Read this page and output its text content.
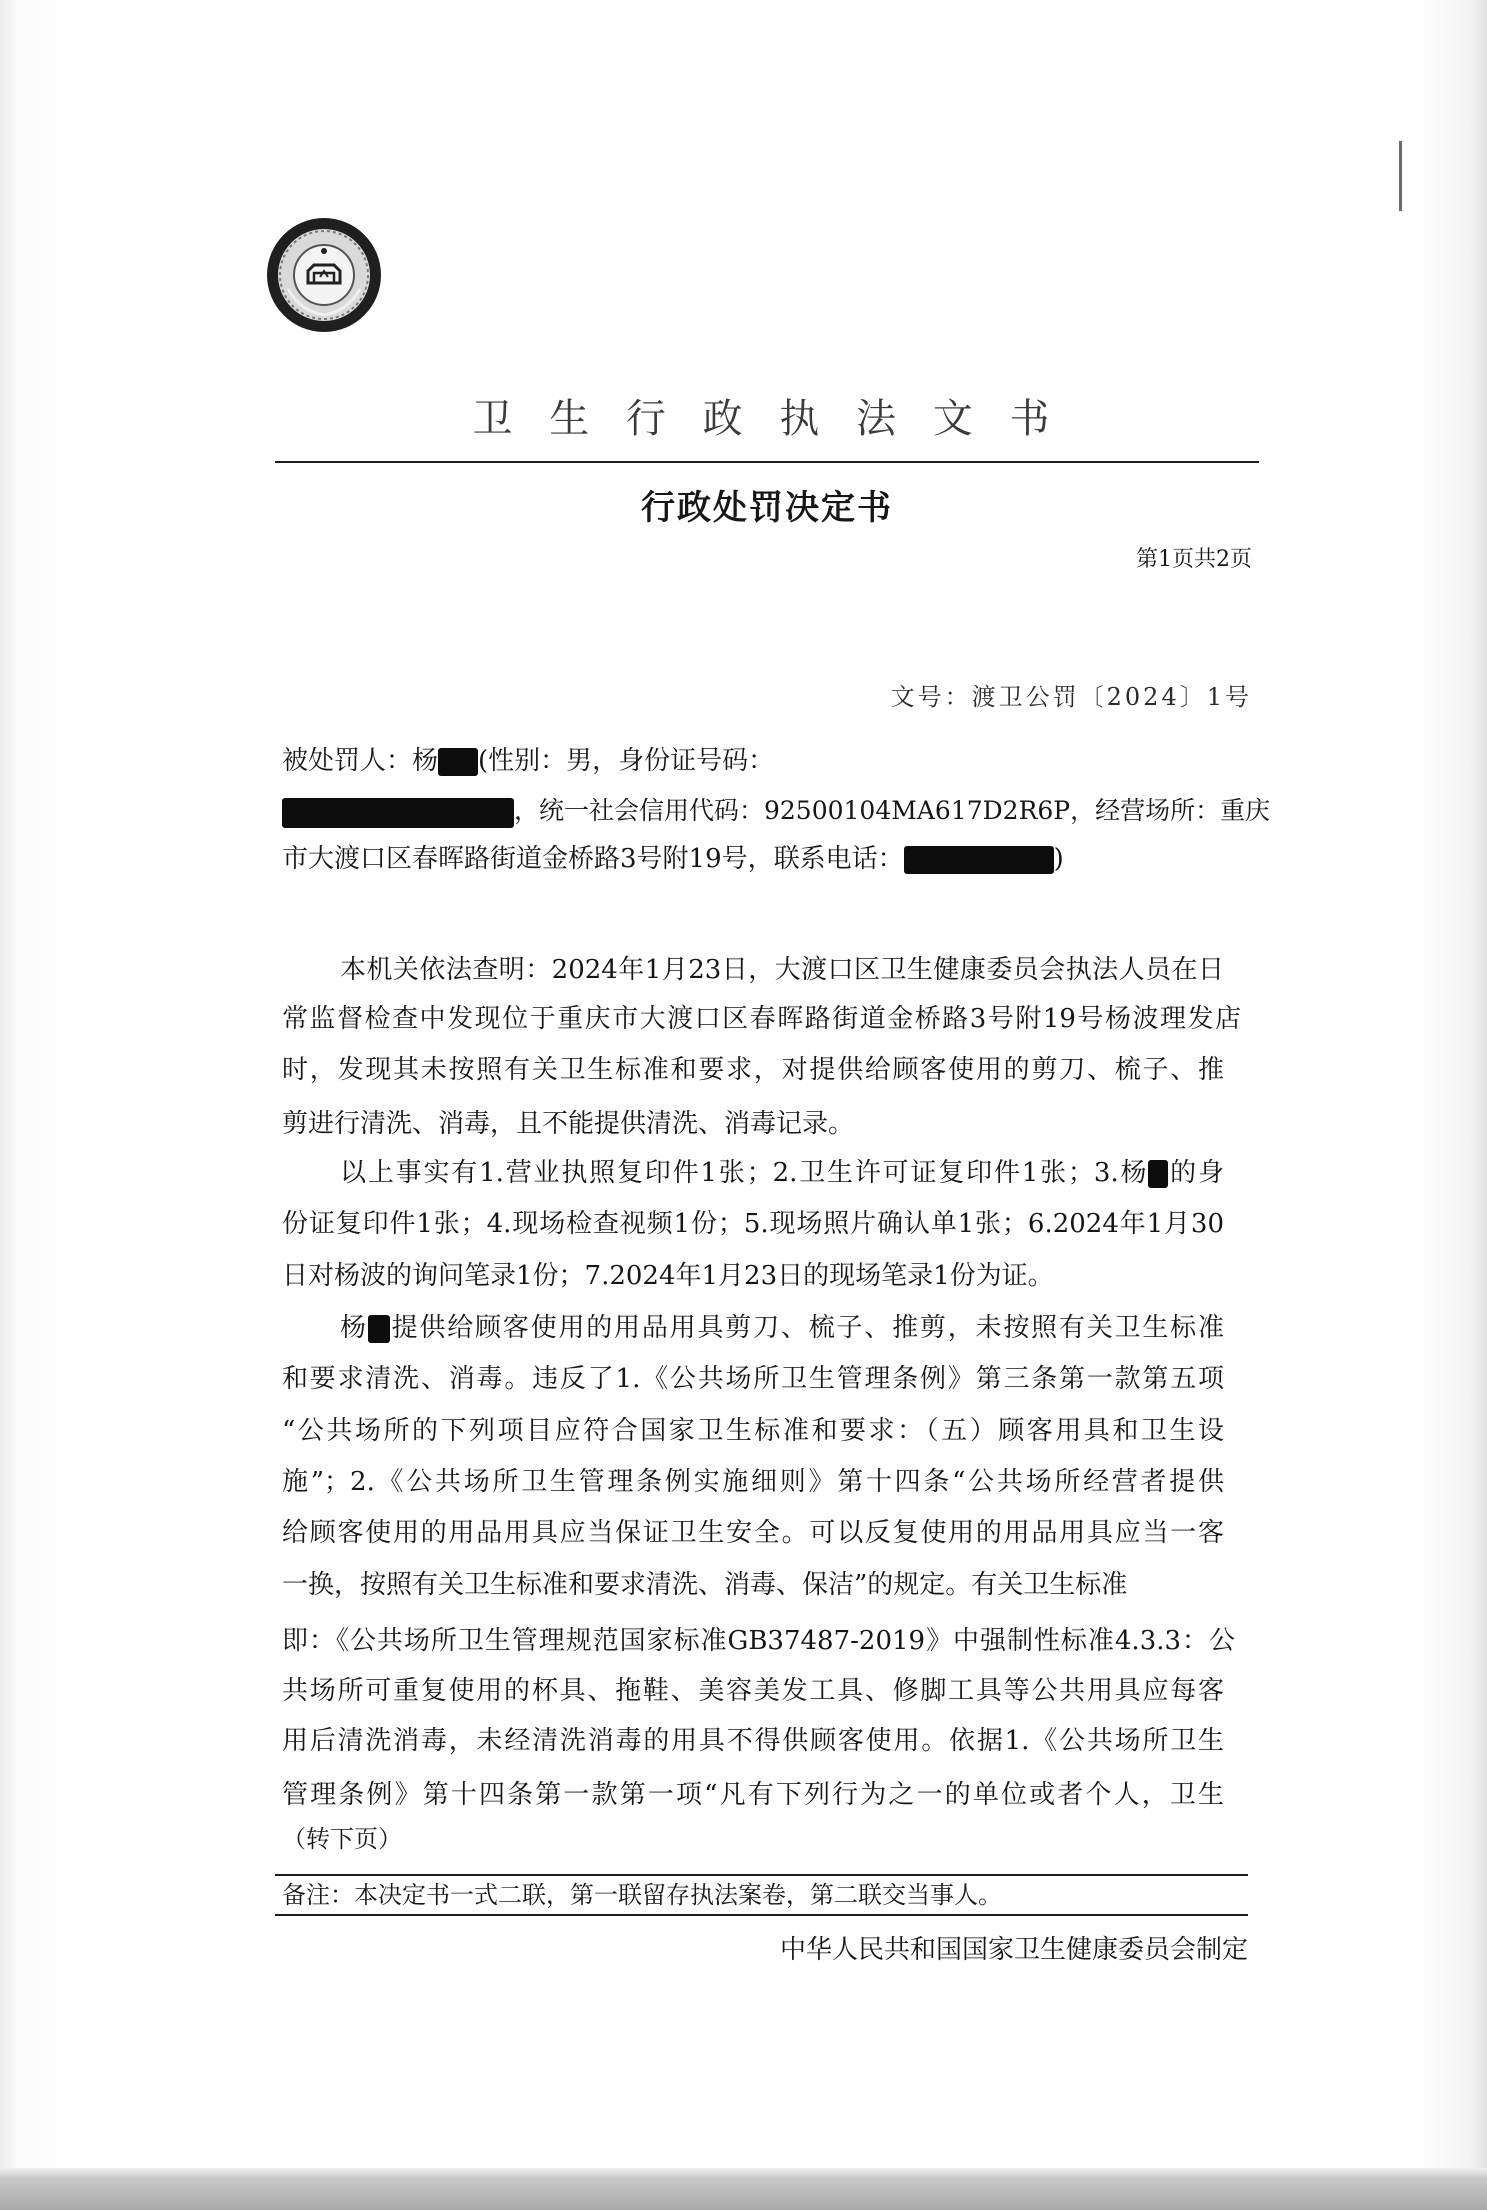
卫 生 行 政 执 法 文 书
行政处罚决定书
第1页共2页
文号：渡卫公罚〔2024〕1号
被处罚人：杨 (性别：男，身份证号码：
，统一社会信用代码：92500104MA617D2R6P，经营场所：重庆
市大渡口区春晖路街道金桥路3号附19号，联系电话：	)
本机关依法查明：2024年1月23日，大渡口区卫生健康委员会执法人员在日
常监督检查中发现位于重庆市大渡口区春晖路街道金桥路3号附19号杨波理发店
时，发现其未按照有关卫生标准和要求，对提供给顾客使用的剪刀、梳子、推
剪进行清洗、消毒，且不能提供清洗、消毒记录。
以上事实有1.营业执照复印件1张；2.卫生许可证复印件1张；3.杨 的身
份证复印件1张；4.现场检查视频1份；5.现场照片确认单1张；6.2024年1月30
日对杨波的询问笔录1份；7.2024年1月23日的现场笔录1份为证。
杨 提供给顾客使用的用品用具剪刀、梳子、推剪，未按照有关卫生标准
和要求清洗、消毒。违反了1.《公共场所卫生管理条例》第三条第一款第五项
“公共场所的下列项目应符合国家卫生标准和要求：（五）顾客用具和卫生设
施”；2.《公共场所卫生管理条例实施细则》第十四条“公共场所经营者提供
给顾客使用的用品用具应当保证卫生安全。可以反复使用的用品用具应当一客
一换，按照有关卫生标准和要求清洗、消毒、保洁”的规定。有关卫生标准
即：《公共场所卫生管理规范国家标准GB37487-2019》中强制性标准4.3.3：公
共场所可重复使用的杯具、拖鞋、美容美发工具、修脚工具等公共用具应每客
用后清洗消毒，未经清洗消毒的用具不得供顾客使用。依据1.《公共场所卫生
管理条例》第十四条第一款第一项“凡有下列行为之一的单位或者个人，卫生
（转下页）
备注：本决定书一式二联，第一联留存执法案卷，第二联交当事人。
中华人民共和国国家卫生健康委员会制定
